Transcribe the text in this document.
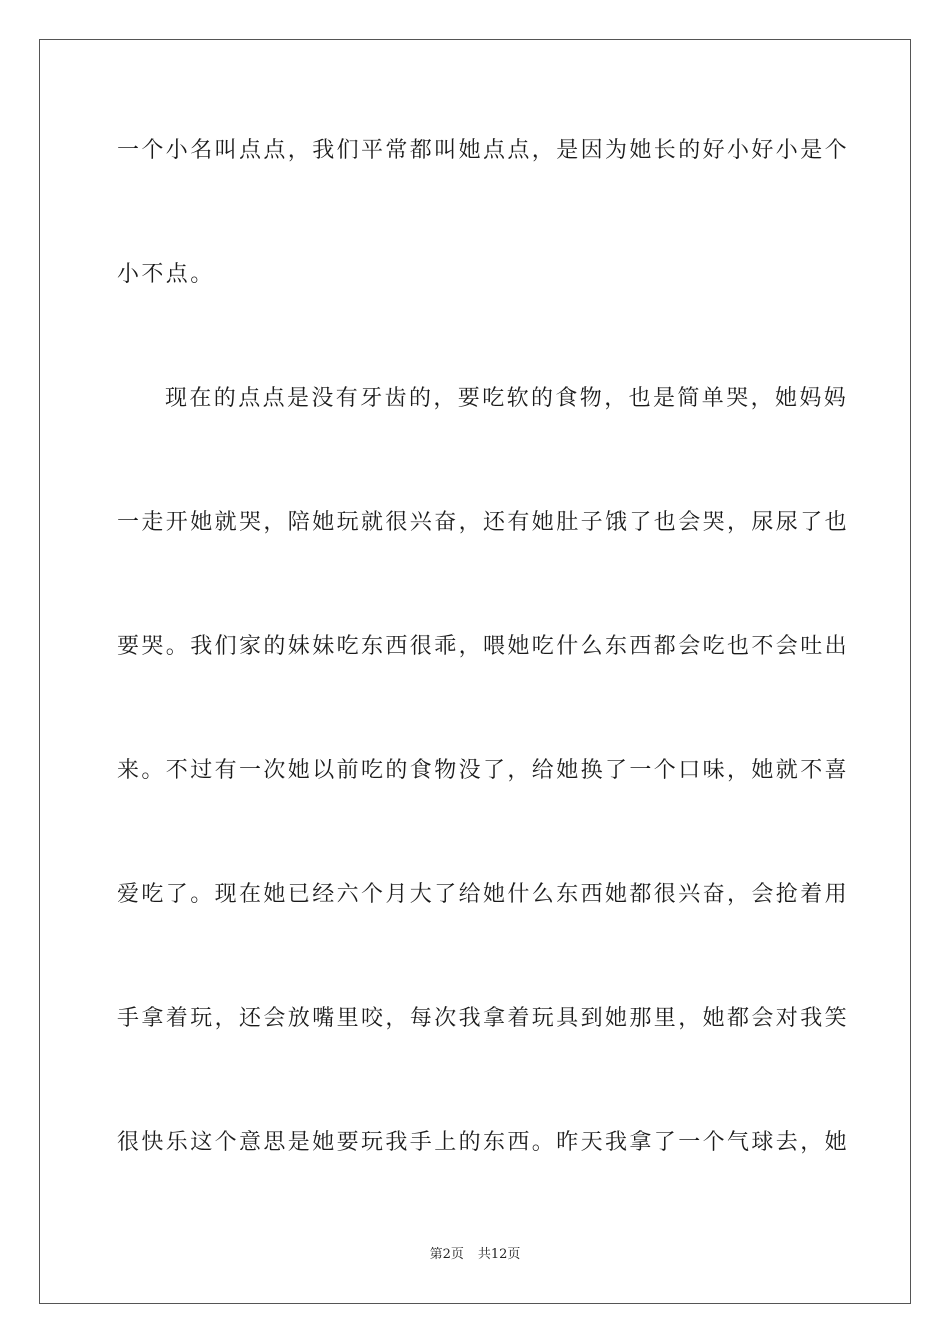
一个小名叫点点，我们平常都叫她点点，是因为她长的好小好小是个
小不点。
现在的点点是没有牙齿的，要吃软的食物，也是简单哭，她妈妈
一走开她就哭，陪她玩就很兴奋，还有她肚子饿了也会哭，尿尿了也
要哭。我们家的妹妹吃东西很乖，喂她吃什么东西都会吃也不会吐出
来。不过有一次她以前吃的食物没了，给她换了一个口味，她就不喜
爱吃了。现在她已经六个月大了给她什么东西她都很兴奋，会抢着用
手拿着玩，还会放嘴里咬，每次我拿着玩具到她那里，她都会对我笑
很快乐这个意思是她要玩我手上的东西。昨天我拿了一个气球去，她
第2页 共12页
